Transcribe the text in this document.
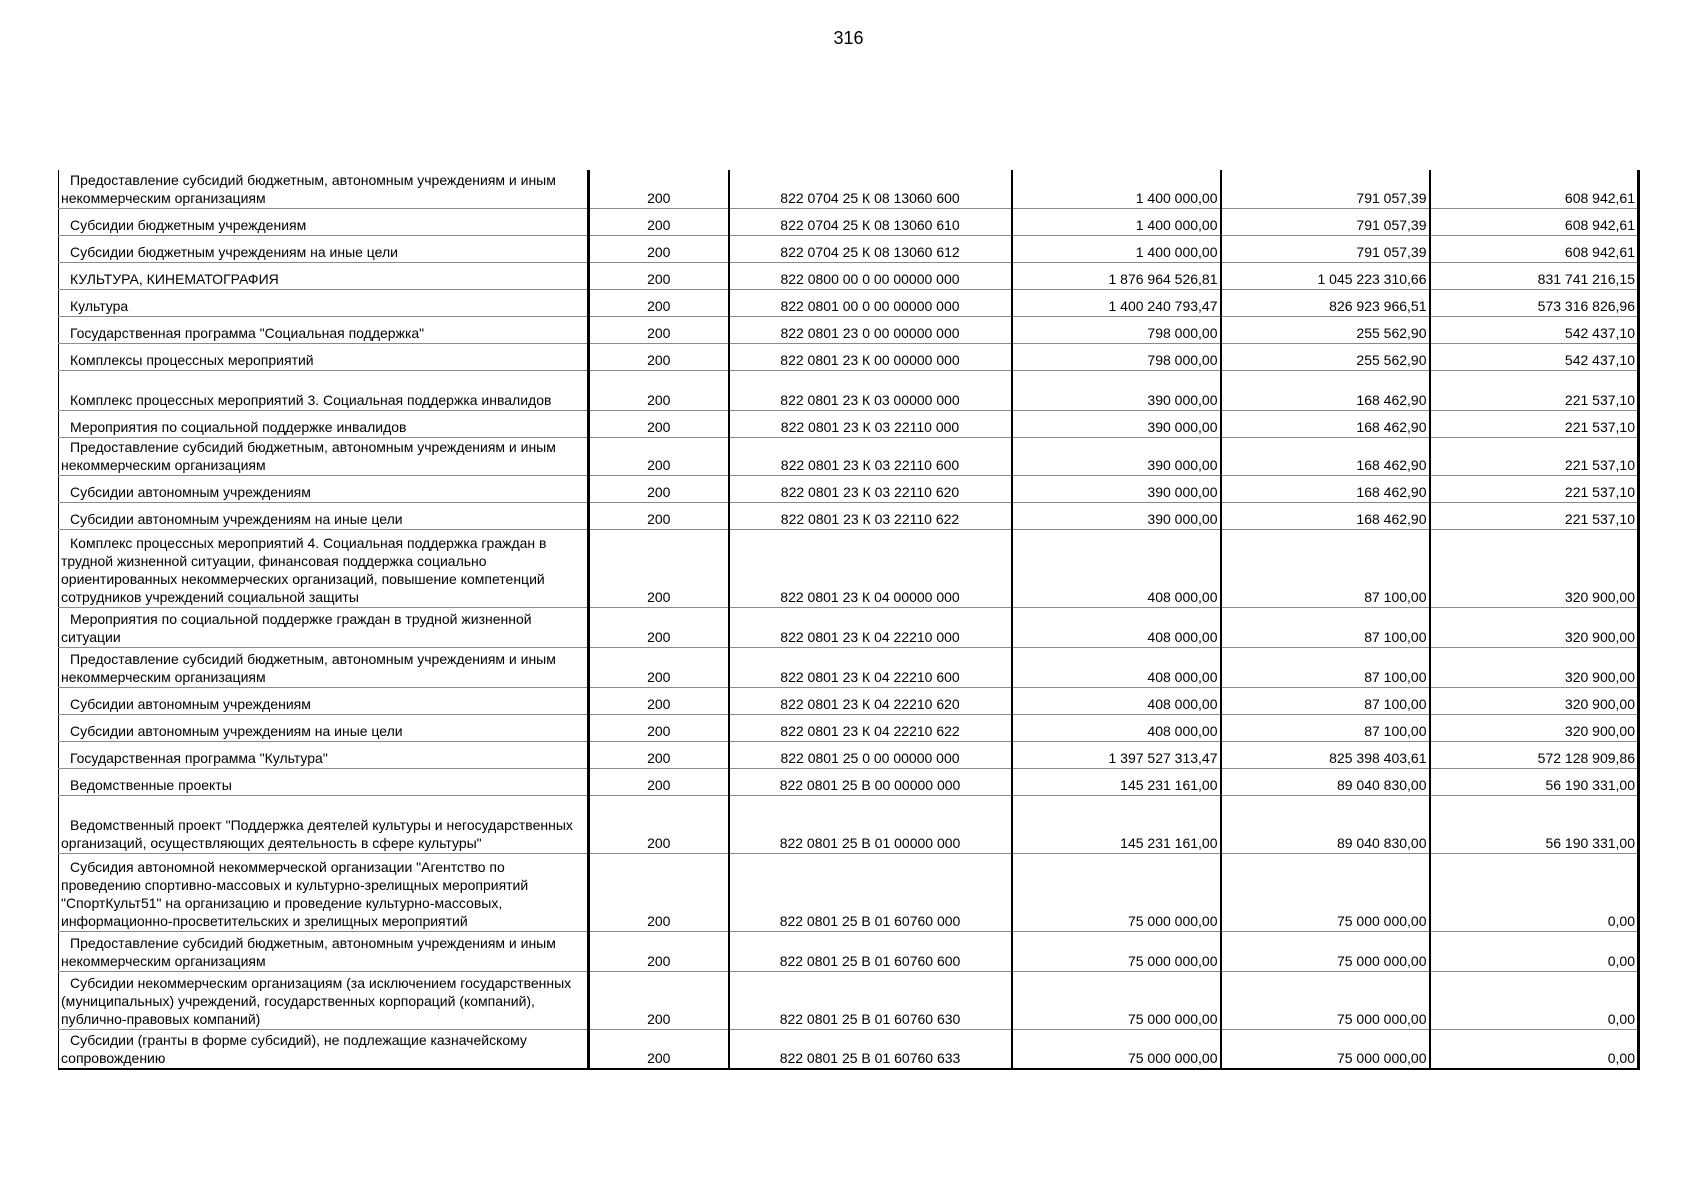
316
Предоставление субсидий бюджетным, автономным учреждениям и иным некоммерческим организациям	200	822 0704 25 К 08 13060 600	1 400 000,00	791 057,39	608 942,61
Субсидии бюджетным учреждениям	200	822 0704 25 К 08 13060 610	1 400 000,00	791 057,39	608 942,61
Субсидии бюджетным учреждениям на иные цели	200	822 0704 25 К 08 13060 612	1 400 000,00	791 057,39	608 942,61
КУЛЬТУРА, КИНЕМАТОГРАФИЯ	200	822 0800 00 0 00 00000 000	1 876 964 526,81	1 045 223 310,66	831 741 216,15
Культура	200	822 0801 00 0 00 00000 000	1 400 240 793,47	826 923 966,51	573 316 826,96
Государственная программа "Социальная поддержка"	200	822 0801 23 0 00 00000 000	798 000,00	255 562,90	542 437,10
Комплексы процессных мероприятий	200	822 0801 23 К 00 00000 000	798 000,00	255 562,90	542 437,10
Комплекс процессных мероприятий 3. Социальная поддержка инвалидов	200	822 0801 23 К 03 00000 000	390 000,00	168 462,90	221 537,10
Мероприятия по социальной поддержке инвалидов	200	822 0801 23 К 03 22110 000	390 000,00	168 462,90	221 537,10
Предоставление субсидий бюджетным, автономным учреждениям и иным некоммерческим организациям	200	822 0801 23 К 03 22110 600	390 000,00	168 462,90	221 537,10
Субсидии автономным учреждениям	200	822 0801 23 К 03 22110 620	390 000,00	168 462,90	221 537,10
Субсидии автономным учреждениям на иные цели	200	822 0801 23 К 03 22110 622	390 000,00	168 462,90	221 537,10
Комплекс процессных мероприятий 4. Социальная поддержка граждан в трудной жизненной ситуации, финансовая поддержка социально ориентированных некоммерческих организаций, повышение компетенций сотрудников учреждений социальной защиты	200	822 0801 23 К 04 00000 000	408 000,00	87 100,00	320 900,00
Мероприятия по социальной поддержке граждан в трудной жизненной ситуации	200	822 0801 23 К 04 22210 000	408 000,00	87 100,00	320 900,00
Предоставление субсидий бюджетным, автономным учреждениям и иным некоммерческим организациям	200	822 0801 23 К 04 22210 600	408 000,00	87 100,00	320 900,00
Субсидии автономным учреждениям	200	822 0801 23 К 04 22210 620	408 000,00	87 100,00	320 900,00
Субсидии автономным учреждениям на иные цели	200	822 0801 23 К 04 22210 622	408 000,00	87 100,00	320 900,00
Государственная программа "Культура"	200	822 0801 25 0 00 00000 000	1 397 527 313,47	825 398 403,61	572 128 909,86
Ведомственные проекты	200	822 0801 25 В 00 00000 000	145 231 161,00	89 040 830,00	56 190 331,00
Ведомственный проект "Поддержка деятелей культуры и негосударственных организаций, осуществляющих деятельность в сфере культуры"	200	822 0801 25 В 01 00000 000	145 231 161,00	89 040 830,00	56 190 331,00
Субсидия автономной некоммерческой организации "Агентство по проведению спортивно-массовых и культурно-зрелищных мероприятий "СпортКульт51" на организацию и проведение культурно-массовых, информационно-просветительских и зрелищных мероприятий	200	822 0801 25 В 01 60760 000	75 000 000,00	75 000 000,00	0,00
Предоставление субсидий бюджетным, автономным учреждениям и иным некоммерческим организациям	200	822 0801 25 В 01 60760 600	75 000 000,00	75 000 000,00	0,00
Субсидии некоммерческим организациям (за исключением государственных (муниципальных) учреждений, государственных корпораций (компаний), публично-правовых компаний)	200	822 0801 25 В 01 60760 630	75 000 000,00	75 000 000,00	0,00
Субсидии (гранты в форме субсидий), не подлежащие казначейскому сопровождению	200	822 0801 25 В 01 60760 633	75 000 000,00	75 000 000,00	0,00
